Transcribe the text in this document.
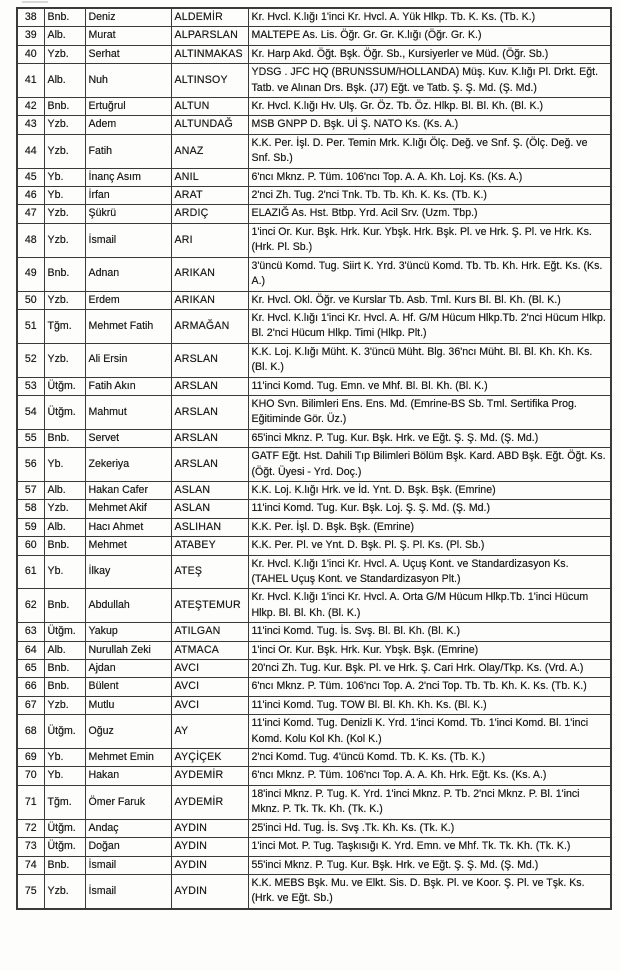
38	Bnb.	Deniz	ALDEMİR	Kr. Hvcl. K.lığı 1'inci Kr. Hvcl. A. Yük Hlkp. Tb. K. Ks. (Tb. K.)
39	Alb.	Murat	ALPARSLAN	MALTEPE As. Lis. Öğr. Gr. Gr. K.lığı (Öğr. Gr. K.)
40	Yzb.	Serhat	ALTINMAKAS	Kr. Harp Akd. Öğt. Bşk. Öğr. Sb., Kursiyerler ve Müd. (Öğr. Sb.)
41	Alb.	Nuh	ALTINSOY	YDSG . JFC HQ (BRUNSSUM/HOLLANDA) Müş. Kuv. K.lığı Pl. Drkt. Eğt. Tatb. ve Alınan Drs. Bşk. (J7) Eğt. ve Tatb. Ş. Ş. Md. (Ş. Md.)
42	Bnb.	Ertuğrul	ALTUN	Kr. Hvcl. K.lığı Hv. Ulş. Gr. Öz. Tb. Öz. Hlkp. Bl. Bl. Kh. (Bl. K.)
43	Yzb.	Adem	ALTUNDAĞ	MSB GNPP D. Bşk. Uİ Ş. NATO Ks. (Ks. A.)
44	Yzb.	Fatih	ANAZ	K.K. Per. İşl. D. Per. Temin Mrk. K.lığı Ölç. Değ. ve Snf. Ş. (Ölç. Değ. ve Snf. Sb.)
45	Yb.	İnanç Asım	ANIL	6'ncı Mknz. P. Tüm. 106'ncı Top. A. A. Kh. Loj. Ks. (Ks. A.)
46	Yb.	İrfan	ARAT	2'nci Zh. Tug. 2'nci Tnk. Tb. Tb. Kh. K. Ks. (Tb. K.)
47	Yzb.	Şükrü	ARDIÇ	ELAZIĞ As. Hst. Btbp. Yrd. Acil Srv. (Uzm. Tbp.)
48	Yzb.	İsmail	ARI	1'inci Or. Kur. Bşk. Hrk. Kur. Ybşk. Hrk. Bşk. Pl. ve Hrk. Ş. Pl. ve Hrk. Ks. (Hrk. Pl. Sb.)
49	Bnb.	Adnan	ARIKAN	3'üncü Komd. Tug. Siirt K. Yrd. 3'üncü Komd. Tb. Tb. Kh. Hrk. Eğt. Ks. (Ks. A.)
50	Yzb.	Erdem	ARIKAN	Kr. Hvcl. Okl. Öğr. ve Kurslar Tb. Asb. Tml. Kurs Bl. Bl. Kh. (Bl. K.)
51	Tğm.	Mehmet Fatih	ARMAĞAN	Kr. Hvcl. K.lığı 1'inci Kr. Hvcl. A. Hf. G/M Hücum Hlkp.Tb. 2'nci Hücum Hlkp. Bl. 2'nci Hücum Hlkp. Timi (Hlkp. Plt.)
52	Yzb.	Ali Ersin	ARSLAN	K.K. Loj. K.lığı Müht. K. 3'üncü Müht. Blg. 36'ncı Müht. Bl. Bl. Kh. Kh. Ks. (Bl. K.)
53	Ütğm.	Fatih Akın	ARSLAN	11'inci Komd. Tug. Emn. ve Mhf. Bl. Bl. Kh. (Bl. K.)
54	Ütğm.	Mahmut	ARSLAN	KHO Svn. Bilimleri Ens. Ens. Md. (Emrine-BS Sb. Tml. Sertifika Prog. Eğitiminde Gör. Üz.)
55	Bnb.	Servet	ARSLAN	65'inci Mknz. P. Tug. Kur. Bşk. Hrk. ve Eğt. Ş. Ş. Md. (Ş. Md.)
56	Yb.	Zekeriya	ARSLAN	GATF Eğt. Hst. Dahili Tıp Bilimleri Bölüm Bşk. Kard. ABD Bşk. Eğt. Öğt. Ks. (Öğt. Üyesi - Yrd. Doç.)
57	Alb.	Hakan Cafer	ASLAN	K.K. Loj. K.lığı Hrk. ve İd. Ynt. D. Bşk. Bşk. (Emrine)
58	Yzb.	Mehmet Akif	ASLAN	11'inci Komd. Tug. Kur. Bşk. Loj. Ş. Ş. Md. (Ş. Md.)
59	Alb.	Hacı Ahmet	ASLIHAN	K.K. Per. İşl. D. Bşk. Bşk. (Emrine)
60	Bnb.	Mehmet	ATABEY	K.K. Per. Pl. ve Ynt. D. Bşk. Pl. Ş. Pl. Ks. (Pl. Sb.)
61	Yb.	İlkay	ATEŞ	Kr. Hvcl. K.lığı 1'inci Kr. Hvcl. A. Uçuş Kont. ve Standardizasyon Ks. (TAHEL Uçuş Kont. ve Standardizasyon Plt.)
62	Bnb.	Abdullah	ATEŞTEMUR	Kr. Hvcl. K.lığı 1'inci Kr. Hvcl. A. Orta G/M Hücum Hlkp.Tb. 1'inci Hücum Hlkp. Bl. Bl. Kh. (Bl. K.)
63	Ütğm.	Yakup	ATILGAN	11'inci Komd. Tug. İs. Svş. Bl. Bl. Kh. (Bl. K.)
64	Alb.	Nurullah Zeki	ATMACA	1'inci Or. Kur. Bşk. Hrk. Kur. Ybşk. Bşk. (Emrine)
65	Bnb.	Ajdan	AVCI	20'nci Zh. Tug. Kur. Bşk. Pl. ve Hrk. Ş. Cari Hrk. Olay/Tkp. Ks. (Vrd. A.)
66	Bnb.	Bülent	AVCI	6'ncı Mknz. P. Tüm. 106'ncı Top. A. 2'nci Top. Tb. Tb. Kh. K. Ks. (Tb. K.)
67	Yzb.	Mutlu	AVCI	11'inci Komd. Tug. TOW Bl. Bl. Kh. Kh. Ks. (Bl. K.)
68	Ütğm.	Oğuz	AY	11'inci Komd. Tug. Denizli K. Yrd. 1'inci Komd. Tb. 1'inci Komd. Bl. 1'inci Komd. Kolu Kol Kh. (Kol K.)
69	Yb.	Mehmet Emin	AYÇİÇEK	2'nci Komd. Tug. 4'üncü Komd. Tb. K. Ks. (Tb. K.)
70	Yb.	Hakan	AYDEMİR	6'ncı Mknz. P. Tüm. 106'ncı Top. A. A. Kh. Hrk. Eğt. Ks. (Ks. A.)
71	Tğm.	Ömer Faruk	AYDEMİR	18'inci Mknz. P. Tug. K. Yrd. 1'inci Mknz. P. Tb. 2'nci Mknz. P. Bl. 1'inci Mknz. P. Tk. Tk. Kh. (Tk. K.)
72	Ütğm.	Andaç	AYDIN	25'inci Hd. Tug. İs. Svş .Tk. Kh. Ks. (Tk. K.)
73	Ütğm.	Doğan	AYDIN	1'inci Mot. P. Tug. Taşkısığı K. Yrd. Emn. ve Mhf. Tk. Tk. Kh. (Tk. K.)
74	Bnb.	İsmail	AYDIN	55'inci Mknz. P. Tug. Kur. Bşk. Hrk. ve Eğt. Ş. Ş. Md. (Ş. Md.)
75	Yzb.	İsmail	AYDIN	K.K. MEBS Bşk. Mu. ve Elkt. Sis. D. Bşk. Pl. ve Koor. Ş. Pl. ve Tşk. Ks. (Hrk. ve Eğt. Sb.)
